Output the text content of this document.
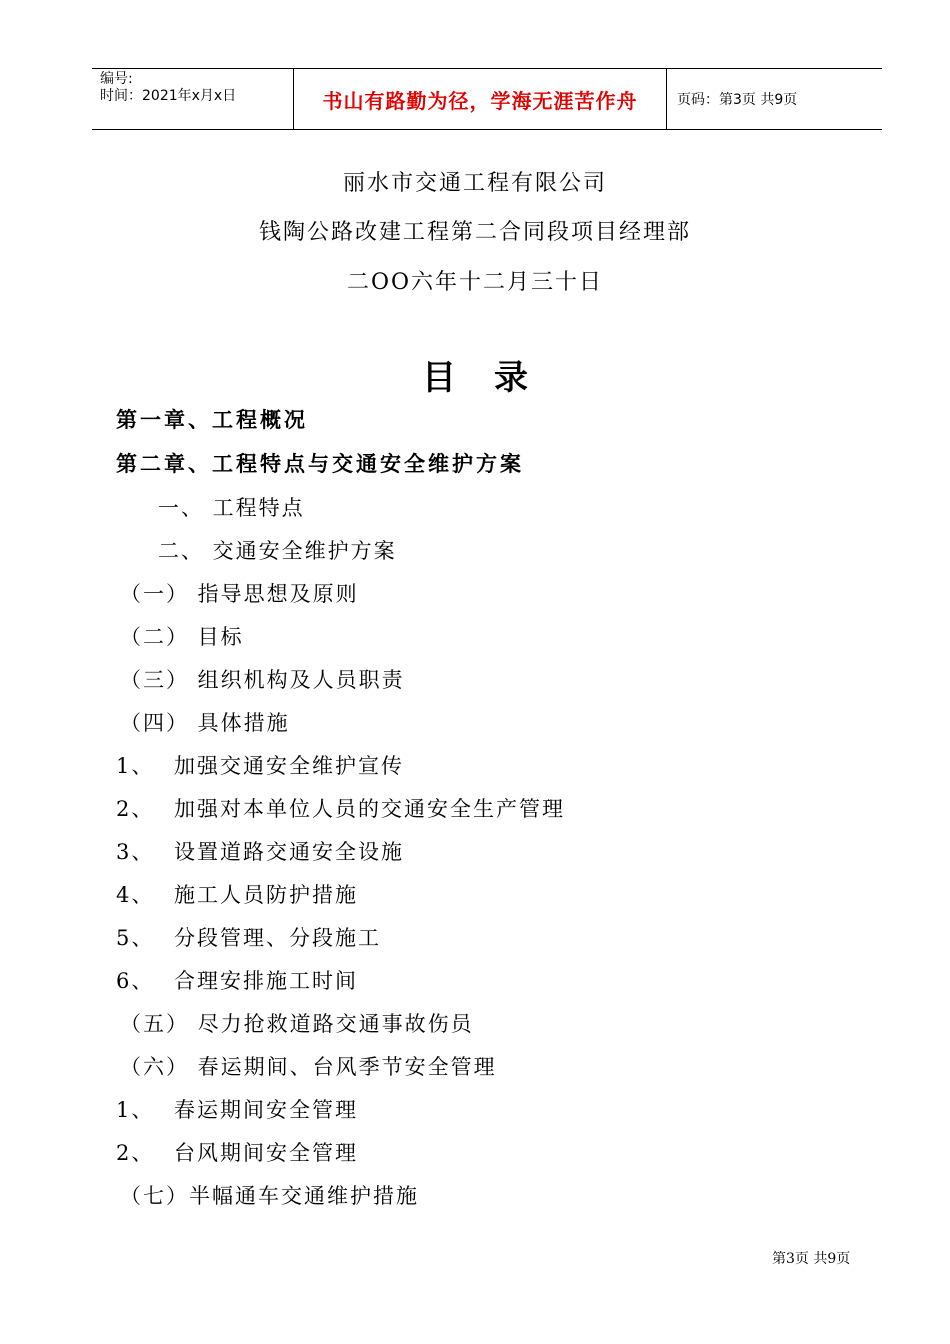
编号:
时间：2021年x月x日	书山有路勤为径，学海无涯苦作舟	页码：第3页 共9页
丽水市交通工程有限公司
钱陶公路改建工程第二合同段项目经理部
二OO六年十二月三十日
目录
第一章、工程概况
第二章、工程特点与交通安全维护方案
一、 工程特点
二、 交通安全维护方案
（一） 指导思想及原则
（二） 目标
（三） 组织机构及人员职责
（四） 具体措施
1、 加强交通安全维护宣传
2、 加强对本单位人员的交通安全生产管理
3、 设置道路交通安全设施
4、 施工人员防护措施
5、 分段管理、分段施工
6、 合理安排施工时间
（五） 尽力抢救道路交通事故伤员
（六） 春运期间、台风季节安全管理
1、 春运期间安全管理
2、 台风期间安全管理
（七）半幅通车交通维护措施
第3页 共9页
